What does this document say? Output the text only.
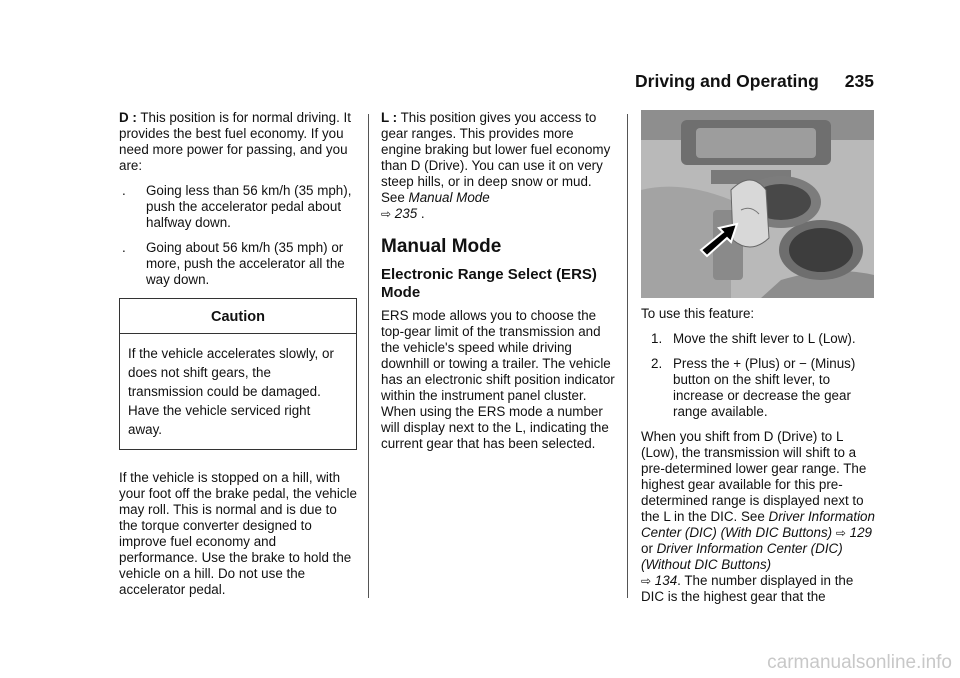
Driving and Operating 235

D : This position is for normal driving. It provides the best fuel economy. If you need more power for passing, and you are:

.	Going less than 56 km/h (35 mph), push the accelerator pedal about halfway down.
.	Going about 56 km/h (35 mph) or more, push the accelerator all the way down.
Caution
If the vehicle accelerates slowly, or does not shift gears, the transmission could be damaged. Have the vehicle serviced right away.

If the vehicle is stopped on a hill, with your foot off the brake pedal, the vehicle may roll. This is normal and is due to the torque converter designed to improve fuel economy and performance. Use the brake to hold the vehicle on a hill. Do not use the accelerator pedal.

L : This position gives you access to gear ranges. This provides more engine braking but lower fuel economy than D (Drive). You can use it on very steep hills, or in deep snow or mud. See Manual Mode
⇨ 235 .

Manual Mode
Electronic Range Select (ERS) Mode

ERS mode allows you to choose the top-gear limit of the transmission and the vehicle's speed while driving downhill or towing a trailer. The vehicle has an electronic shift position indicator within the instrument panel cluster. When using the ERS mode a number will display next to the L, indicating the current gear that has been selected.

To use this feature:

1. Move the shift lever to L (Low).
2. Press the + (Plus) or − (Minus) button on the shift lever, to increase or decrease the gear range available.

When you shift from D (Drive) to L (Low), the transmission will shift to a pre-determined lower gear range. The highest gear available for this pre-determined range is displayed next to the L in the DIC. See Driver Information Center (DIC) (With DIC Buttons) ⇨ 129 or Driver Information Center (DIC) (Without DIC Buttons)
⇨ 134. The number displayed in the DIC is the highest gear that the

carmanualsonline.info
